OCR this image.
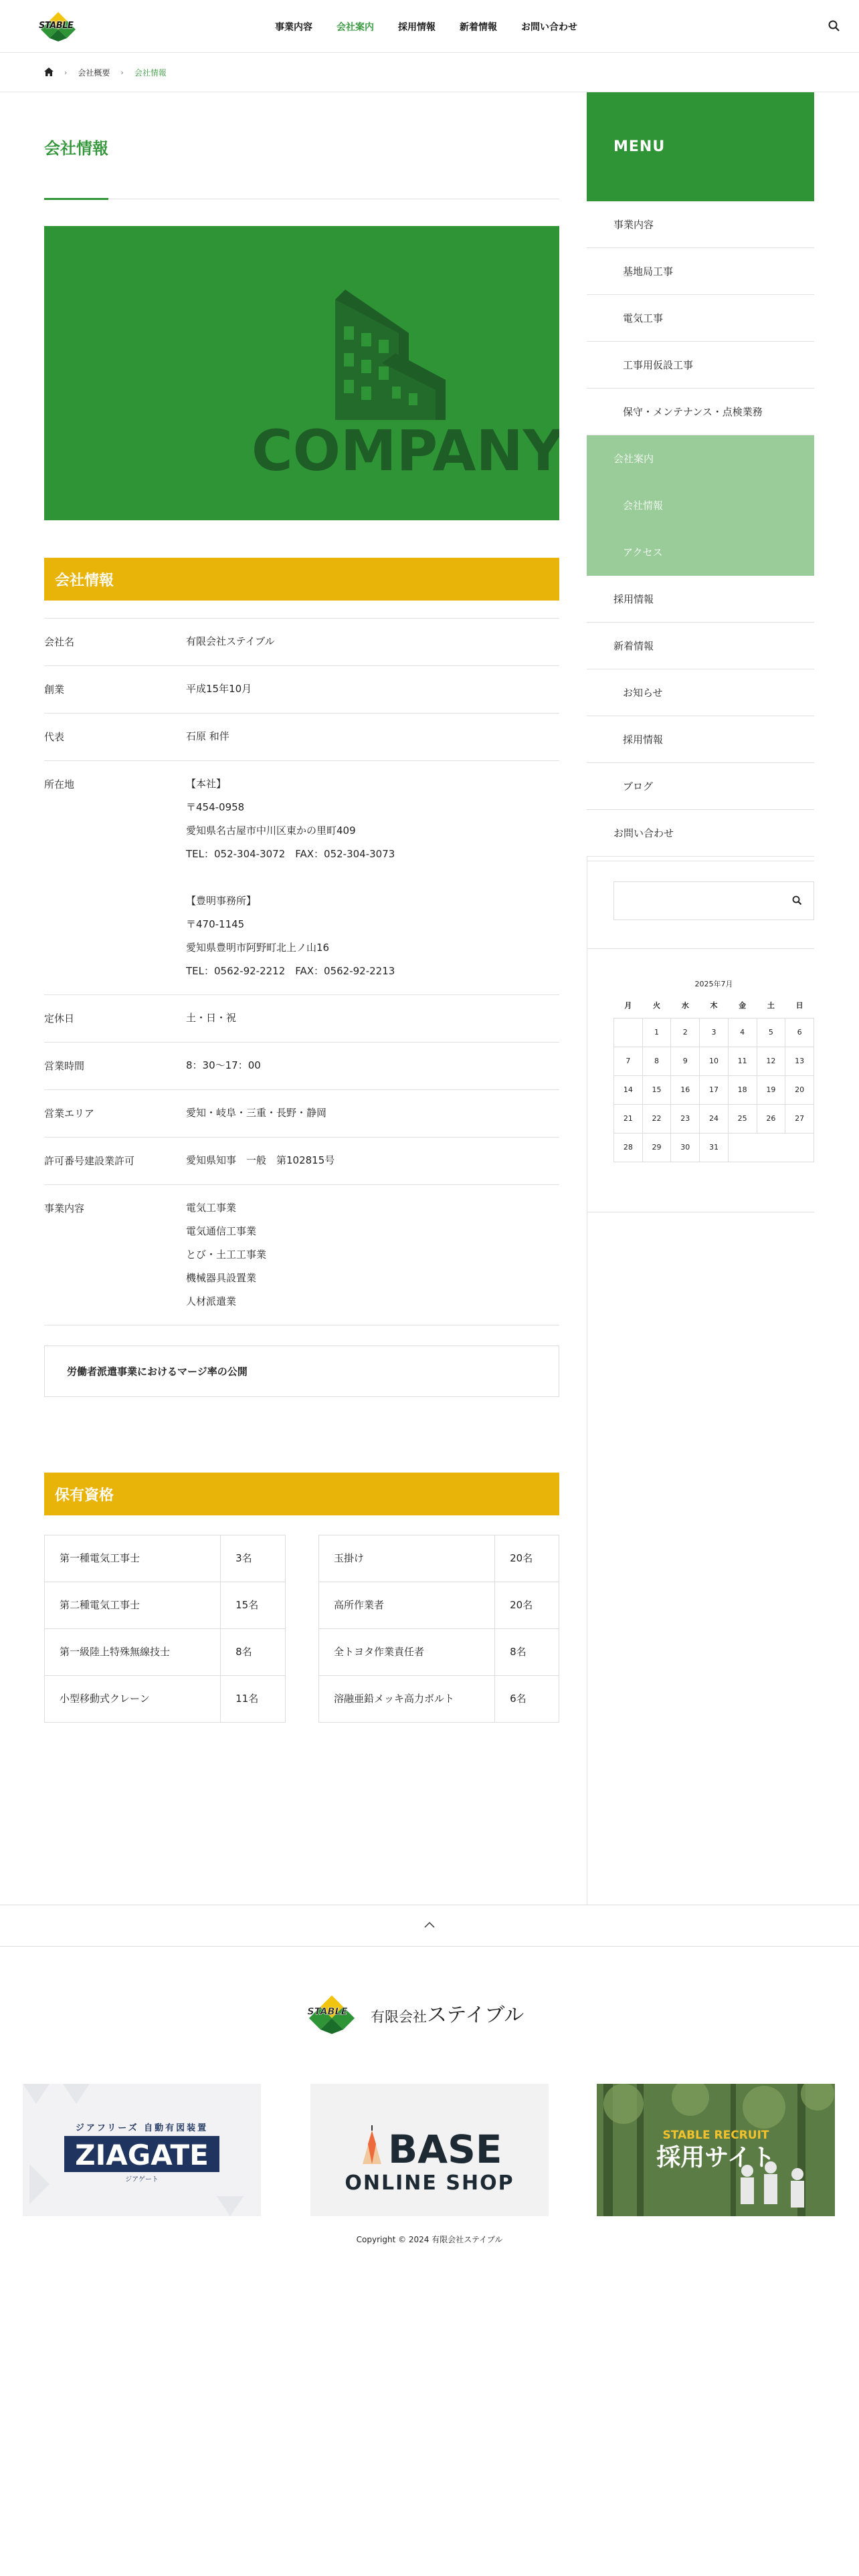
STABLE	事業内容	会社案内	採用情報	新着情報	お問い合わせ
› 会社概要 › 会社情報
会社情報
COMPANY
会社情報
会社名	有限会社ステイブル
創業	平成15年10月
代表	石原 和伴
所在地	【本社】
〒454-0958
愛知県名古屋市中川区東かの里町409
TEL：052-304-3072　FAX：052-304-3073

【豊明事務所】
〒470-1145
愛知県豊明市阿野町北上ノ山16
TEL：0562-92-2212　FAX：0562-92-2213
定休日	土・日・祝
営業時間	8：30〜17：00
営業エリア	愛知・岐阜・三重・長野・静岡
許可番号建設業許可	愛知県知事　一般　第102815号
事業内容	電気工事業
電気通信工事業
とび・土工工事業
機械器具設置業
人材派遣業
労働者派遣事業におけるマージ率の公開
保有資格
第一種電気工事士	3名
第二種電気工事士	15名
第一級陸上特殊無線技士	8名
小型移動式クレーン	11名
玉掛け	20名
高所作業者	20名
全トヨタ作業責任者	8名
溶融亜鉛メッキ高力ボルト	6名
MENU
事業内容
基地局工事
電気工事
工事用仮設工事
保守・メンテナンス・点検業務
会社案内
会社情報
アクセス
採用情報
新着情報
お知らせ
採用情報
ブログ
お問い合わせ
2025年7月
月	火	水	木	金	土	日
	1	2	3	4	5	6
7	8	9	10	11	12	13
14	15	16	17	18	19	20
21	22	23	24	25	26	27
28	29	30	31			
STABLE 有限会社ステイブル
ジアフリーズ 自動有図装置
ZIAGATE
ジアゲート
BASE
ONLINE SHOP
STABLE RECRUIT
採用サイト
Copyright © 2024 有限会社ステイブル
